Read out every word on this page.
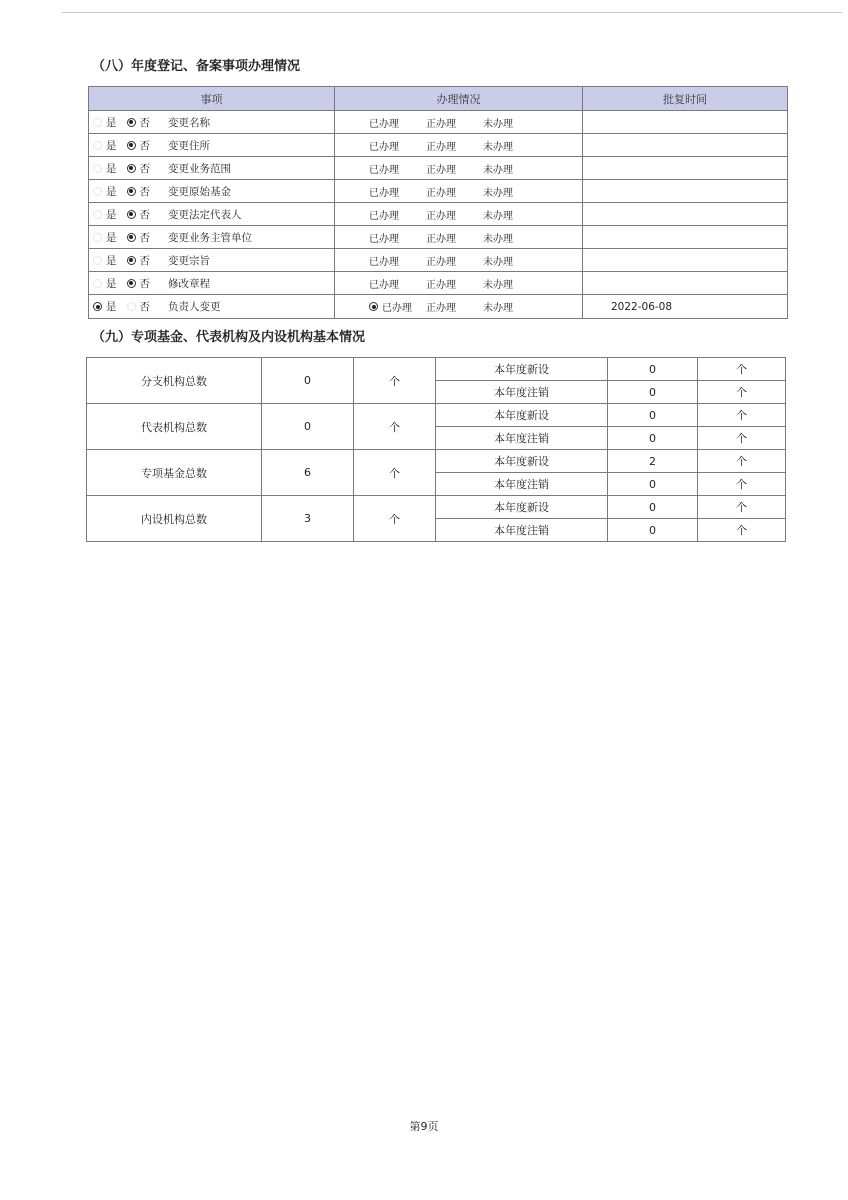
（八）年度登记、备案事项办理情况
事项	办理情况	批复时间

是 否 变更名称	已办理 正办理 未办理	

是 否 变更住所	已办理 正办理 未办理	

是 否 变更业务范围	已办理 正办理 未办理	

是 否 变更原始基金	已办理 正办理 未办理	

是 否 变更法定代表人	已办理 正办理 未办理	

是 否 变更业务主管单位	已办理 正办理 未办理	

是 否 变更宗旨	已办理 正办理 未办理	

是 否 修改章程	已办理 正办理 未办理	

是 否 负责人变更	已办理 正办理 未办理	2022-06-08
（九）专项基金、代表机构及内设机构基本情况
分支机构总数	0	个	本年度新设	0	个
			本年度注销	0	个
代表机构总数	0	个	本年度新设	0	个
			本年度注销	0	个
专项基金总数	6	个	本年度新设	2	个
			本年度注销	0	个
内设机构总数	3	个	本年度新设	0	个
			本年度注销	0	个
第9页
